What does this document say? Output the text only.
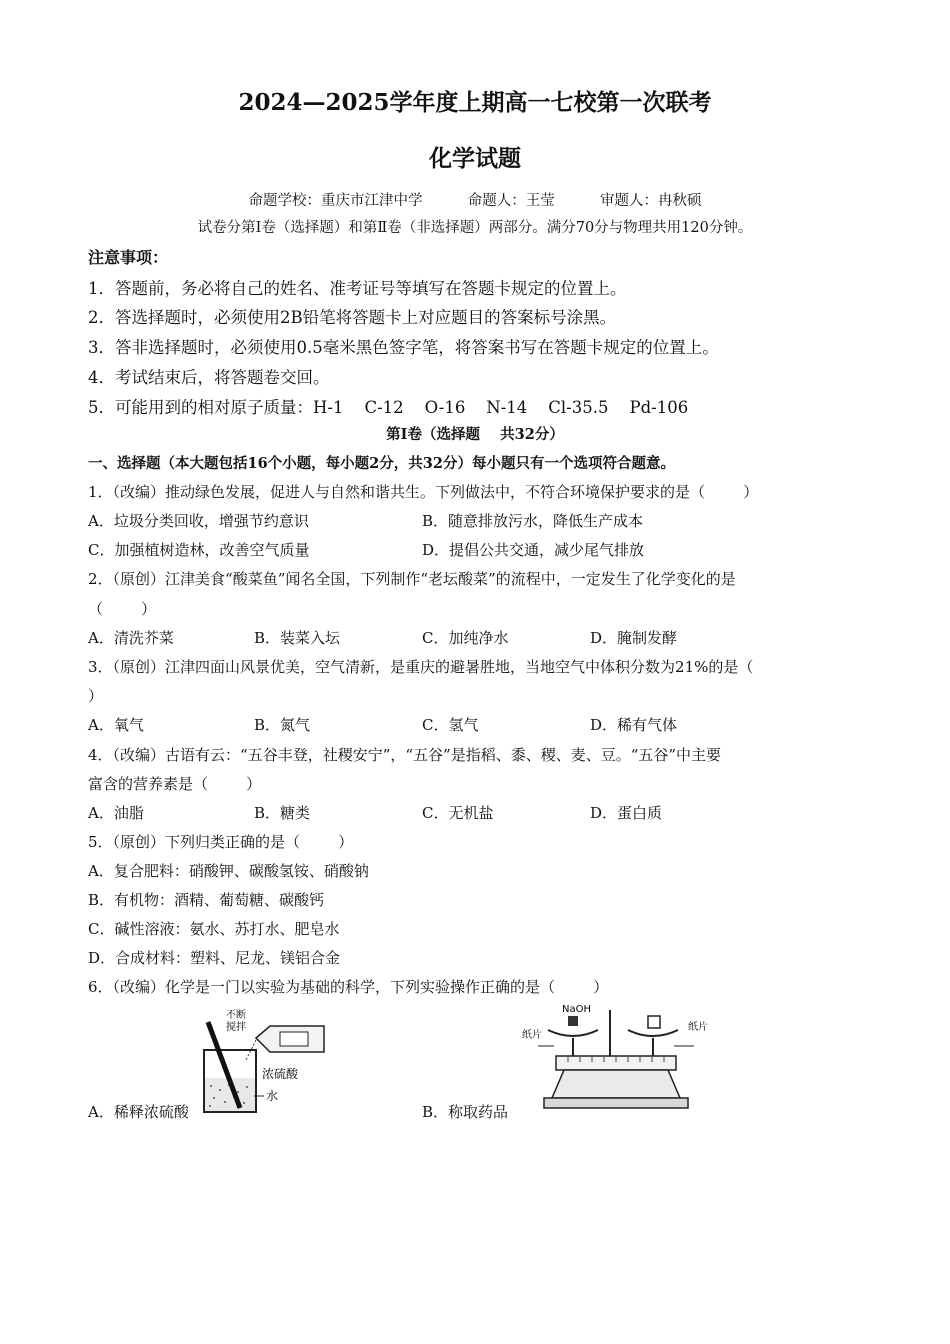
2024—2025学年度上期高一七校第一次联考
化学试题
命题学校：重庆市江津中学	命题人：王莹	审题人：冉秋硕
试卷分第Ⅰ卷（选择题）和第Ⅱ卷（非选择题）两部分。满分70分与物理共用120分钟。
注意事项：
1．答题前，务必将自己的姓名、准考证号等填写在答题卡规定的位置上。
2．答选择题时，必须使用2B铅笔将答题卡上对应题目的答案标号涂黑。
3．答非选择题时，必须使用0.5毫米黑色签字笔，将答案书写在答题卡规定的位置上。
4．考试结束后，将答题卷交回。
5．可能用到的相对原子质量：H-1    C-12    O-16    N-14    Cl-35.5    Pd-106
第Ⅰ卷（选择题    共32分）
一、选择题（本大题包括16个小题，每小题2分，共32分）每小题只有一个选项符合题意。
1．（改编）推动绿色发展，促进人与自然和谐共生。下列做法中，不符合环境保护要求的是（        ）
A．垃圾分类回收，增强节约意识	B．随意排放污水，降低生产成本
C．加强植树造林，改善空气质量	D．提倡公共交通，减少尾气排放
2．（原创）江津美食“酸菜鱼”闻名全国，下列制作“老坛酸菜”的流程中，一定发生了化学变化的是
（        ）
A．清洗芥菜	B．装菜入坛	C．加纯净水	D．腌制发酵
3．（原创）江津四面山风景优美，空气清新，是重庆的避暑胜地，当地空气中体积分数为21%的是（
）
A．氧气	B．氮气	C．氢气	D．稀有气体
4．（改编）古语有云：“五谷丰登，社稷安宁”，“五谷”是指稻、黍、稷、麦、豆。“五谷”中主要
富含的营养素是（        ）
A．油脂	B．糖类	C．无机盐	D．蛋白质
5．（原创）下列归类正确的是（        ）
A．复合肥料：硝酸钾、碳酸氢铵、硝酸钠
B．有机物：酒精、葡萄糖、碳酸钙
C．碱性溶液：氨水、苏打水、肥皂水
D．合成材料：塑料、尼龙、镁铝合金
6．（改编）化学是一门以实验为基础的科学，下列实验操作正确的是（        ）
不断
搅拌
浓硫酸
水
A．稀释浓硫酸
NaOH
纸片
纸片
B．称取药品
